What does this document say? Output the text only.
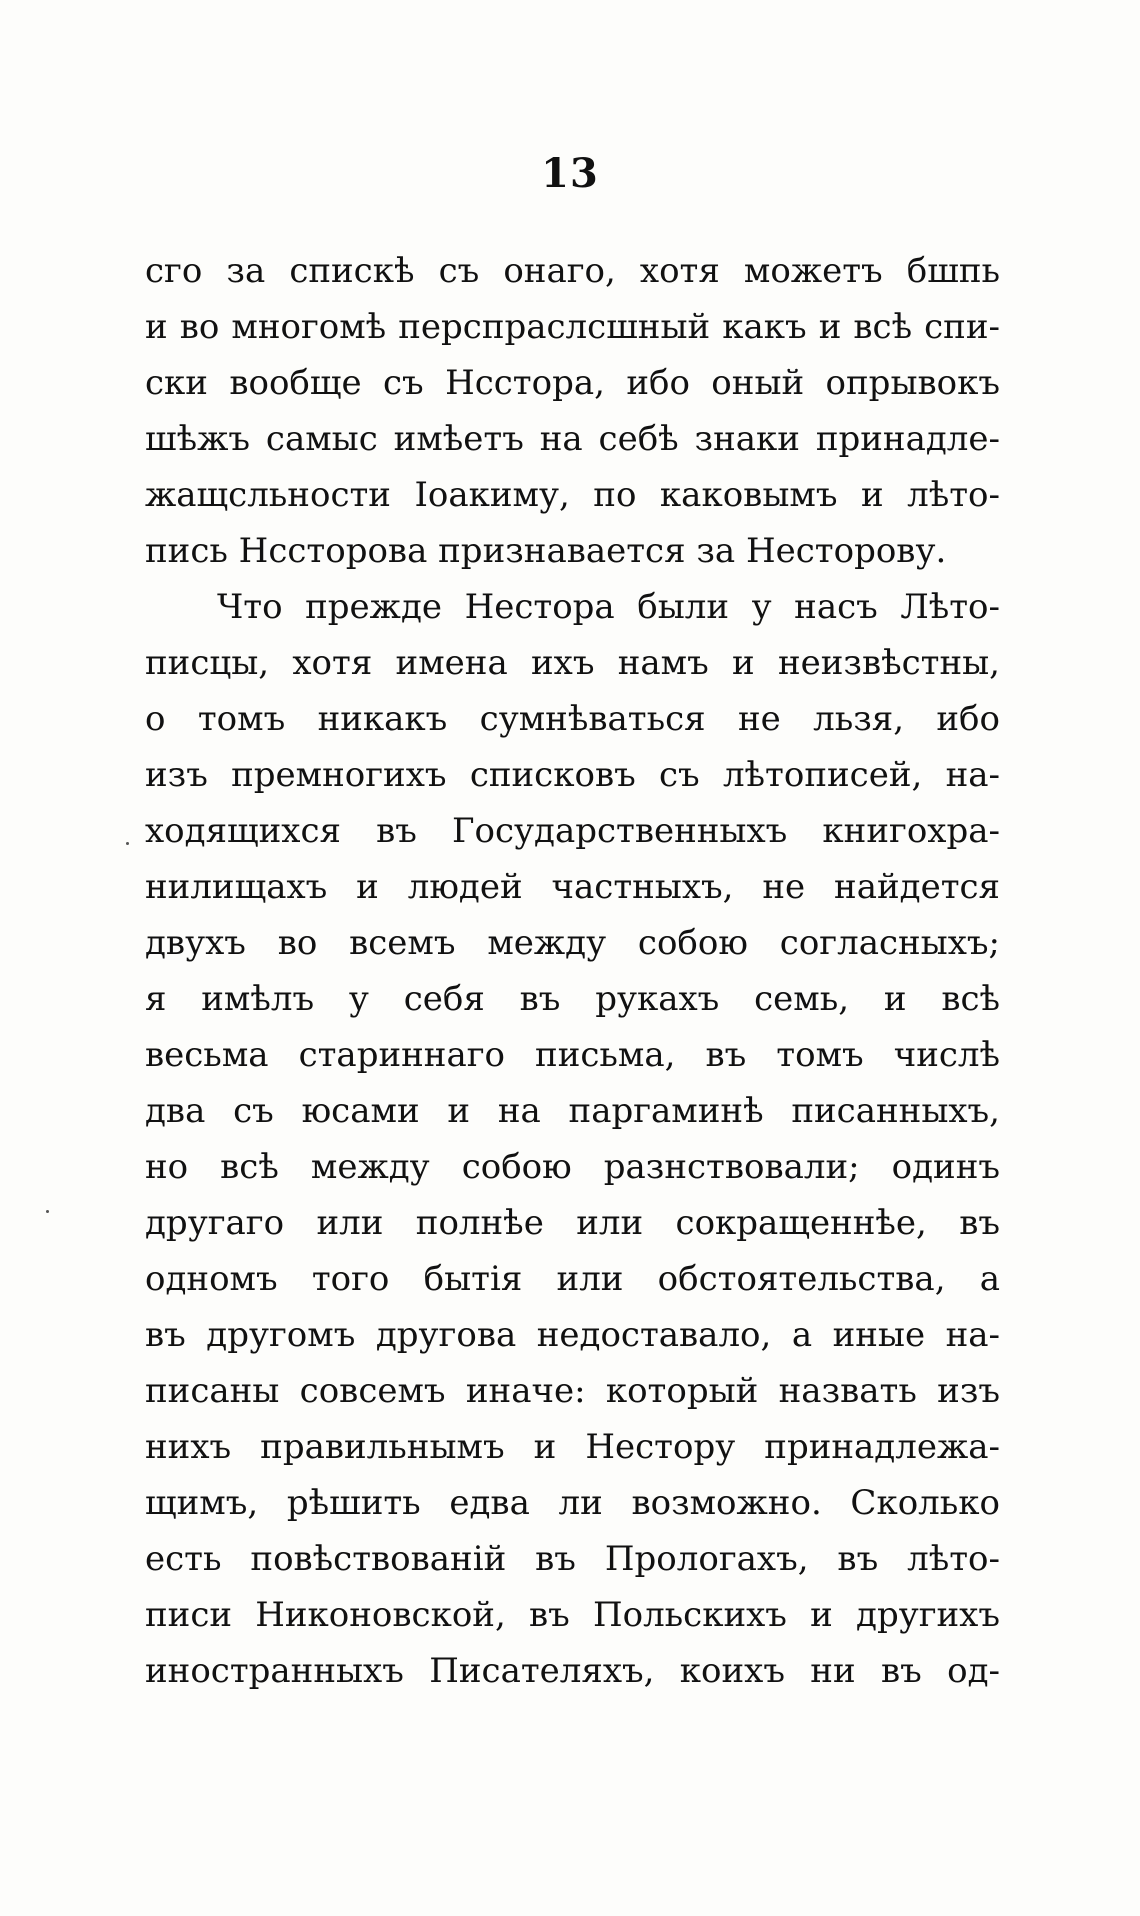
13
сго за спискѣ съ онаго, хотя можетъ бшпь
и во многомѣ перспраслсшный какъ и всѣ спи-
ски вообще съ Нсстора, ибо оный опрывокъ
шѣжъ самыс имѣетъ на себѣ знаки принадле-
жащсльности Іоакиму, по каковымъ и лѣто-
пись Нссторова признавается за Несторову.
Что прежде Нестора были у насъ Лѣто-
писцы, хотя имена ихъ намъ и неизвѣстны,
о томъ никакъ сумнѣваться не льзя, ибо
изъ премногихъ списковъ съ лѣтописей, на-
ходящихся въ Государственныхъ книгохра-
нилищахъ и людей частныхъ, не найдется
двухъ во всемъ между собою согласныхъ;
я имѣлъ у себя въ рукахъ семь, и всѣ
весьма стариннаго письма, въ томъ числѣ
два съ юсами и на паргаминѣ писанныхъ,
но всѣ между собою разнствовали; одинъ
другаго или полнѣе или сокращеннѣе, въ
одномъ того бытія или обстоятельства, а
въ другомъ другова недоставало, а иные на-
писаны совсемъ иначе: который назвать изъ
нихъ правильнымъ и Нестору принадлежа-
щимъ, рѣшить едва ли возможно. Сколько
есть повѣствованій въ Прологахъ, въ лѣто-
писи Никоновской, въ Польскихъ и другихъ
иностранныхъ Писателяхъ, коихъ ни въ од-
